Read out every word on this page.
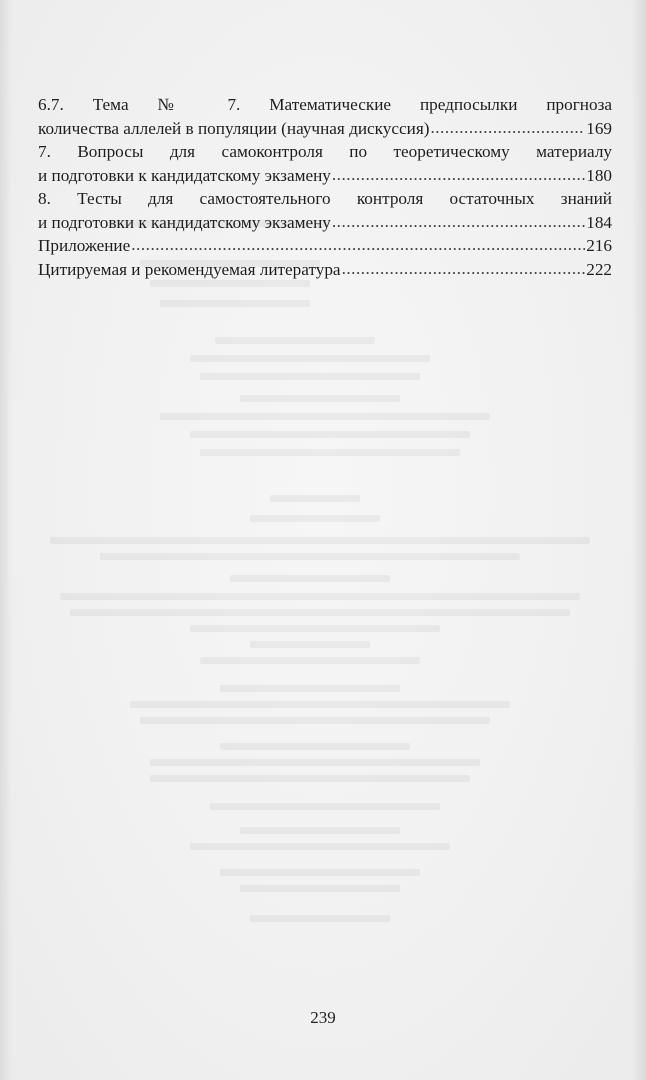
6.7. Тема № 7. Математические предпосылки прогноза
количества аллелей в популяции (научная дискуссия) .....	169
7. Вопросы для самоконтроля по теоретическому материалу
и подготовки к кандидатскому экзамену .....	180
8. Тесты для самостоятельного контроля остаточных знаний
и подготовки к кандидатскому экзамену .....	184
Приложение .....	216
Цитируемая и рекомендуемая литература .....	222
239
